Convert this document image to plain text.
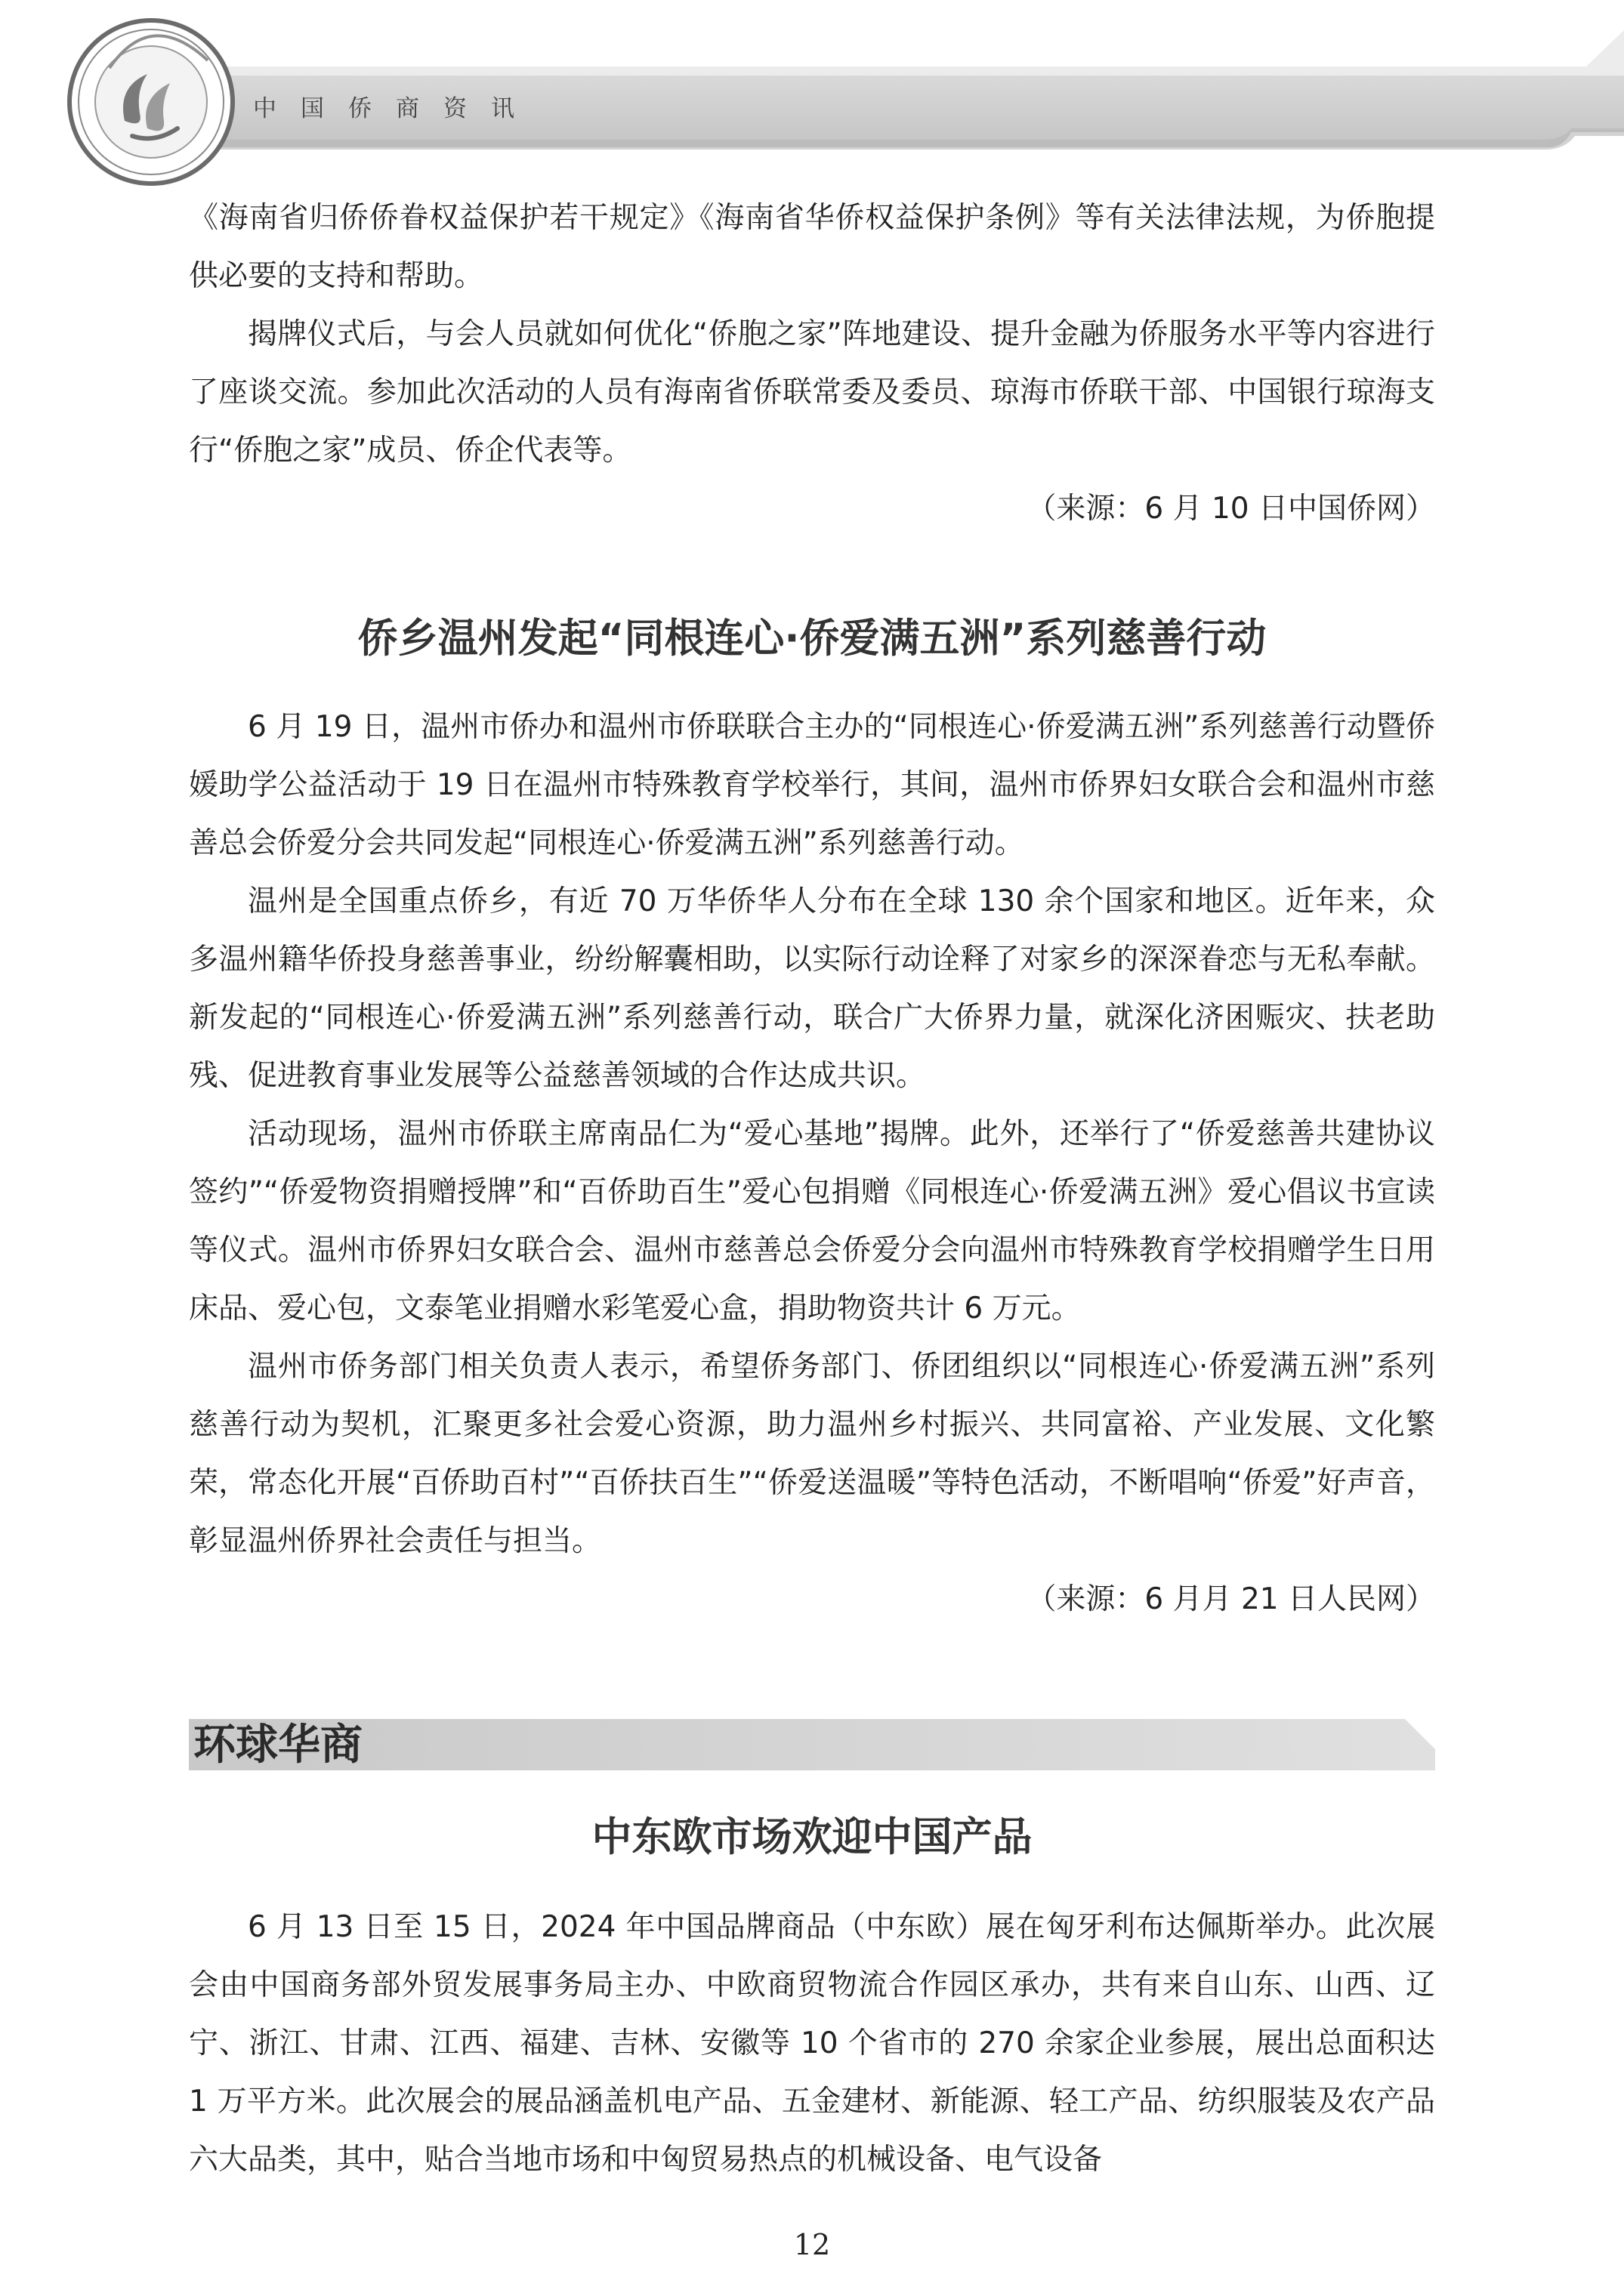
中国侨商资讯

《海南省归侨侨眷权益保护若干规定》《海南省华侨权益保护条例》等有关法律法规，为侨胞提供必要的支持和帮助。

揭牌仪式后，与会人员就如何优化“侨胞之家”阵地建设、提升金融为侨服务水平等内容进行了座谈交流。参加此次活动的人员有海南省侨联常委及委员、琼海市侨联干部、中国银行琼海支行“侨胞之家”成员、侨企代表等。

（来源：6 月 10 日中国侨网）

侨乡温州发起“同根连心·侨爱满五洲”系列慈善行动

6 月 19 日，温州市侨办和温州市侨联联合主办的“同根连心·侨爱满五洲”系列慈善行动暨侨媛助学公益活动于 19 日在温州市特殊教育学校举行，其间，温州市侨界妇女联合会和温州市慈善总会侨爱分会共同发起“同根连心·侨爱满五洲”系列慈善行动。

温州是全国重点侨乡，有近 70 万华侨华人分布在全球 130 余个国家和地区。近年来，众多温州籍华侨投身慈善事业，纷纷解囊相助，以实际行动诠释了对家乡的深深眷恋与无私奉献。新发起的“同根连心·侨爱满五洲”系列慈善行动，联合广大侨界力量，就深化济困赈灾、扶老助残、促进教育事业发展等公益慈善领域的合作达成共识。

活动现场，温州市侨联主席南品仁为“爱心基地”揭牌。此外，还举行了“侨爱慈善共建协议签约”“侨爱物资捐赠授牌”和“百侨助百生”爱心包捐赠《同根连心·侨爱满五洲》爱心倡议书宣读等仪式。温州市侨界妇女联合会、温州市慈善总会侨爱分会向温州市特殊教育学校捐赠学生日用床品、爱心包，文泰笔业捐赠水彩笔爱心盒，捐助物资共计 6 万元。

温州市侨务部门相关负责人表示，希望侨务部门、侨团组织以“同根连心·侨爱满五洲”系列慈善行动为契机，汇聚更多社会爱心资源，助力温州乡村振兴、共同富裕、产业发展、文化繁荣，常态化开展“百侨助百村”“百侨扶百生”“侨爱送温暖”等特色活动，不断唱响“侨爱”好声音，彰显温州侨界社会责任与担当。

（来源：6 月月 21 日人民网）

环球华商
中东欧市场欢迎中国产品

6 月 13 日至 15 日，2024 年中国品牌商品（中东欧）展在匈牙利布达佩斯举办。此次展会由中国商务部外贸发展事务局主办、中欧商贸物流合作园区承办，共有来自山东、山西、辽宁、浙江、甘肃、江西、福建、吉林、安徽等 10 个省市的 270 余家企业参展，展出总面积达 1 万平方米。此次展会的展品涵盖机电产品、五金建材、新能源、轻工产品、纺织服装及农产品六大品类，其中，贴合当地市场和中匈贸易热点的机械设备、电气设备

12
